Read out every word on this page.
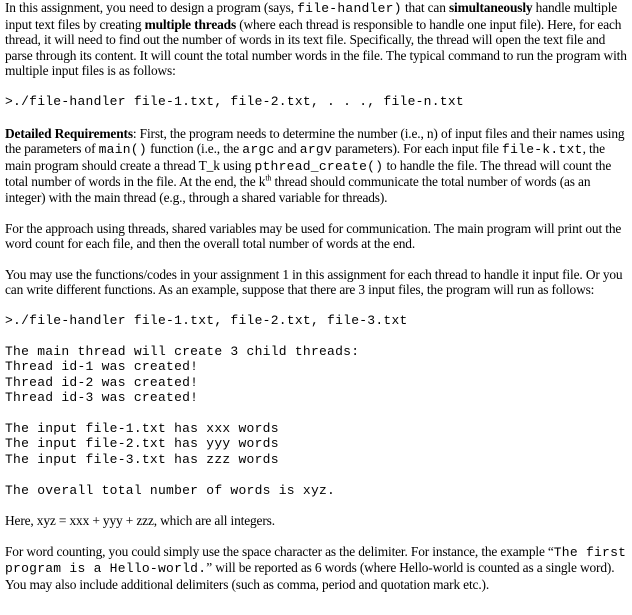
In this assignment, you need to design a program (says, file-handler) that can simultaneously handle multiple input text files by creating multiple threads (where each thread is responsible to handle one input file). Here, for each thread, it will need to find out the number of words in its text file. Specifically, the thread will open the text file and parse through its content. It will count the total number words in the file. The typical command to run the program with multiple input files is as follows:

>./file-handler file-1.txt, file-2.txt, . . ., file-n.txt

Detailed Requirements: First, the program needs to determine the number (i.e., n) of input files and their names using the parameters of main() function (i.e., the argc and argv parameters). For each input file file-k.txt, the main program should create a thread T_k using pthread_create() to handle the file. The thread will count the total number of words in the file. At the end, the $k^{th}$ thread should communicate the total number of words (as an integer) with the main thread (e.g., through a shared variable for threads).

For the approach using threads, shared variables may be used for communication. The main program will print out the word count for each file, and then the overall total number of words at the end.

You may use the functions/codes in your assignment 1 in this assignment for each thread to handle it input file. Or you can write different functions. As an example, suppose that there are 3 input files, the program will run as follows:

>./file-handler file-1.txt, file-2.txt, file-3.txt
The main thread will create 3 child threads:
Thread id-1 was created!
Thread id-2 was created!
Thread id-3 was created!
The input file-1.txt has xxx words
The input file-2.txt has yyy words
The input file-3.txt has zzz words
The overall total number of words is xyz.

Here, xyz = xxx + yyy + zzz, which are all integers.

For word counting, you could simply use the space character as the delimiter. For instance, the example “The first program is a Hello-world.” will be reported as 6 words (where Hello-world is counted as a single word). You may also include additional delimiters (such as comma, period and quotation mark etc.).
